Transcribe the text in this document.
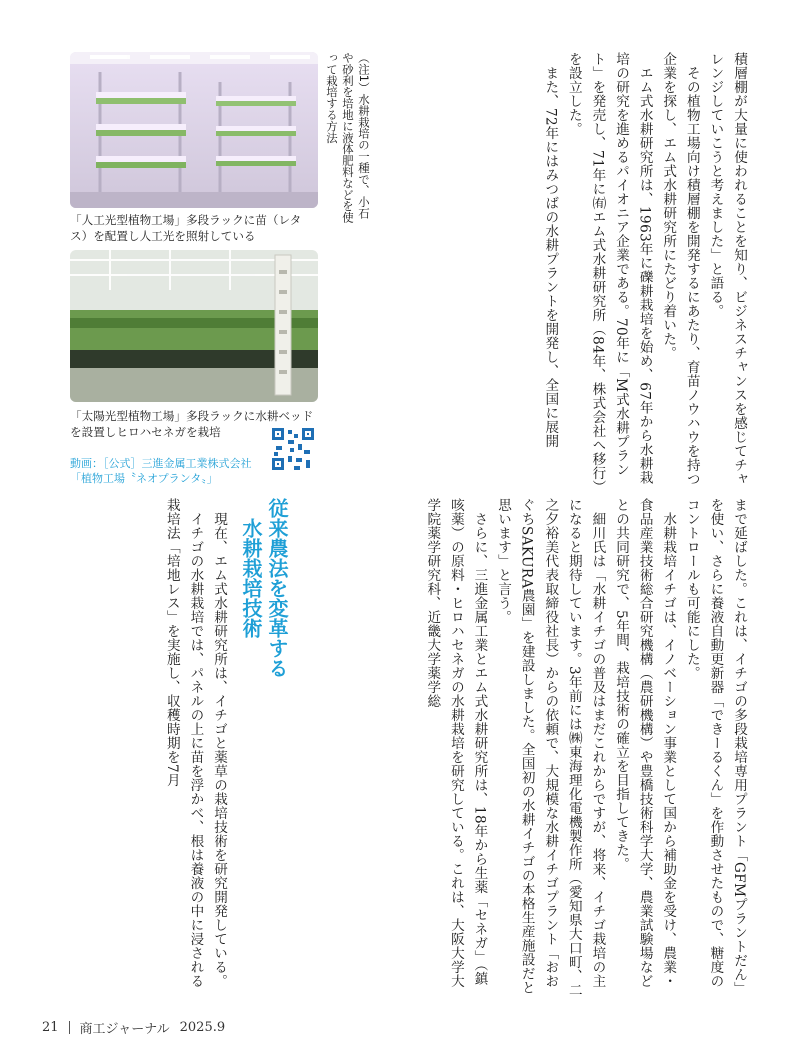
「人工光型植物工場」多段ラックに苗（レタス）を配置し人工光を照射している
「太陽光型植物工場」多段ラックに水耕ベッドを設置しヒロハセネガを栽培
動画：［公式］三進金属工業株式会社
「植物工場〝ネオプランタ〟」
（注1）水耕栽培の一種で、小石や砂利を培地に液体肥料などを使って栽培する方法	積層棚が大量に使われることを知り、ビジネスチャンスを感じてチャレンジしていこうと考えました」と語る。

その植物工場向け積層棚を開発するにあたり、育苗ノウハウを持つ企業を探し、エム式水耕研究所にたどり着いた。

エム式水耕研究所は、1963年に礫耕栽培を始め、67年から水耕栽培の研究を進めるパイオニア企業である。70年に「M式水耕プラント」を発売し、71年に㈲エム式水耕研究所（84年、株式会社へ移行）を設立した。

また、72年にはみつばの水耕プラントを開発し、全国に展開

まで延ばした。これは、イチゴの多段栽培専用プラント「GFMプラントだん」を使い、さらに養液自動更新器「できーるくん」を作動させたもので、糖度のコントロールも可能にした。

水耕栽培イチゴは、イノベーション事業として国から補助金を受け、農業・食品産業技術総合研究機構（農研機構）や豊橋技術科学大学、農業試験場などとの共同研究で、5年間、栽培技術の確立を目指してきた。

細川氏は「水耕イチゴの普及はまだこれからですが、将来、イチゴ栽培の主になると期待しています。3年前には㈱東海理化電機製作所（愛知県大口町、二之夕裕美代表取締役社長）からの依頼で、大規模な水耕イチゴプラント「おおぐちSAKURA農園」を建設しました。全国初の水耕イチゴの本格生産施設だと思います」と言う。

さらに、三進金属工業とエム式水耕研究所は、18年から生薬「セネガ」（鎮咳薬）の原料・ヒロハセネガの水耕栽培を研究している。これは、大阪大学大学院薬学研究科、近畿大学薬学総

従来農法を変革する
水耕栽培技術

現在、エム式水耕研究所は、イチゴと薬草の栽培技術を研究開発している。

イチゴの水耕栽培では、パネルの上に苗を浮かべ、根は養液の中に浸される栽培法「培地レス」を実施し、収穫時期を7月

21 商工ジャーナル 2025.9
